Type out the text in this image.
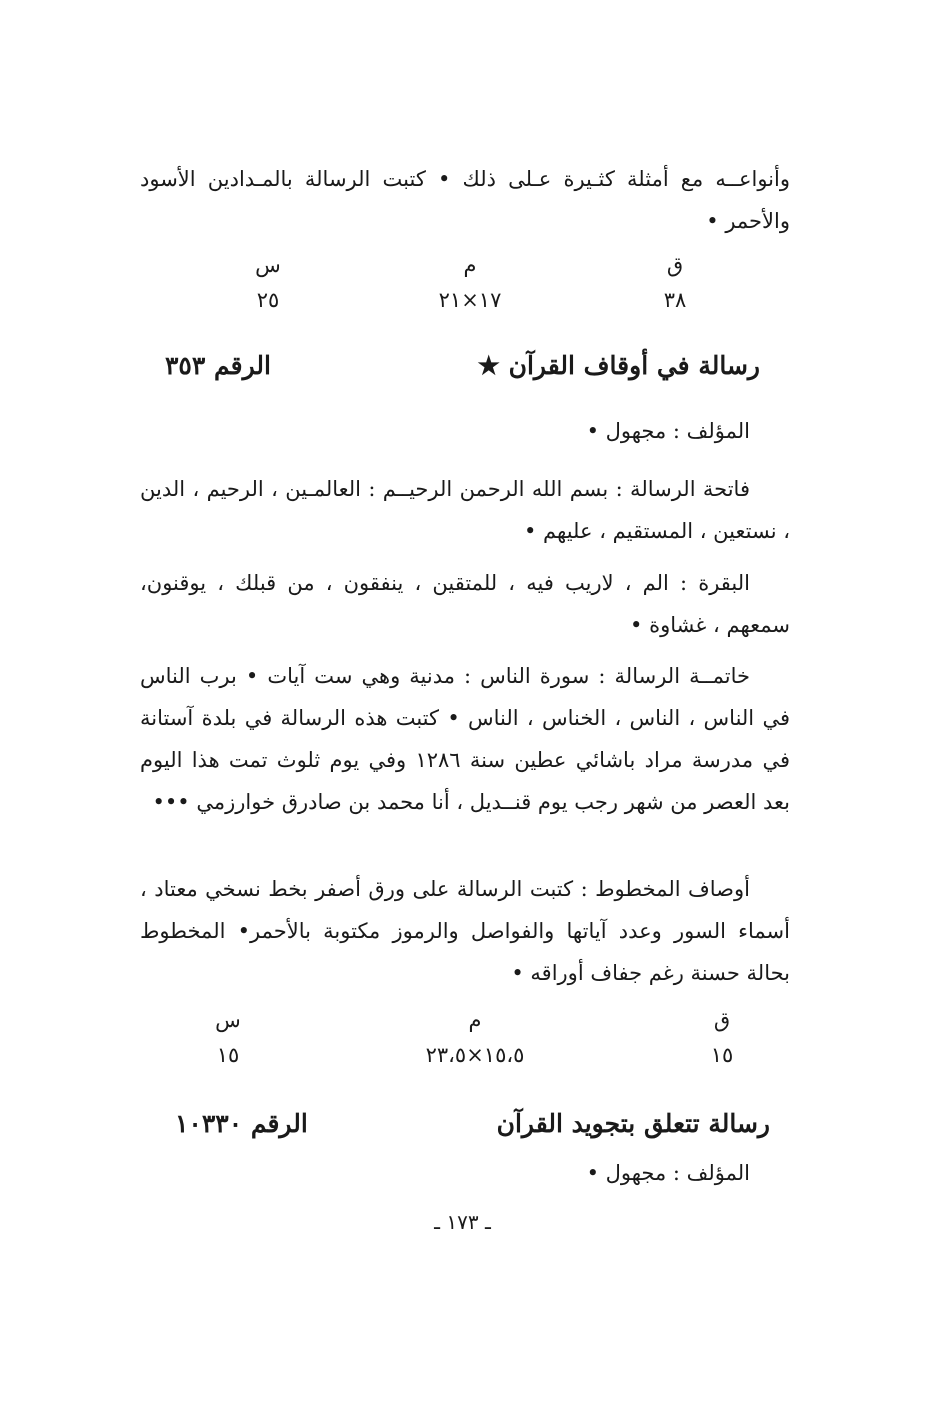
وأنواعــه مع أمثلة كثـيرة عـلى ذلك • كتبت الرسالة بالمـدادين الأسود والأحمر •
ق
م
س
٣٨
١٧×٢١
٢٥
رسالة في أوقاف القرآن ★
الرقم ٣٥٣
المؤلف : مجهول •
فاتحة الرسالة : بسم الله الرحمن الرحيــم : العالمـين ، الرحيم ، الدين ، نستعين ، المستقيم ، عليهم •
البقرة : الم ، لاريب فيه ، للمتقين ، ينفقون ، من قبلك ، يوقنون، سمعهم ، غشاوة •
خاتمــة الرسالة : سورة الناس : مدنية وهي ست آيات • برب الناس في الناس ، الناس ، الخناس ، الناس • كتبت هذه الرسالة في بلدة آستانة في مدرسة مراد باشائي عطين سنة ١٢٨٦ وفي يوم ثلوث تمت هذا اليوم بعد العصر من شهر رجب يوم قنــديل ، أنا محمد بن صادرق خوارزمي •••
أوصاف المخطوط : كتبت الرسالة على ورق أصفر بخط نسخي معتاد ، أسماء السور وعدد آياتها والفواصل والرموز مكتوبة بالأحمر• المخطوط بحالة حسنة رغم جفاف أوراقه •
ق
م
س
١٥
١٥،٥×٢٣،٥
١٥
رسالة تتعلق بتجويد القرآن
الرقم ١٠٣٣٠
المؤلف : مجهول •
ـ ١٧٣ ـ
